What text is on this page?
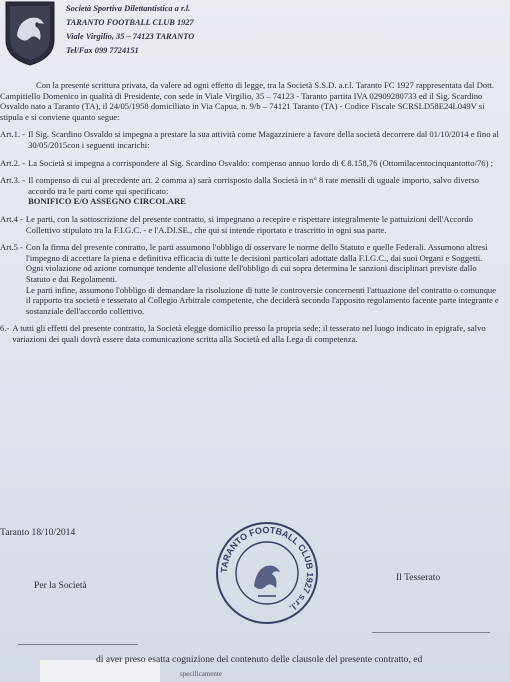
Società Sportiva Dilettantistica a r.l.
TARANTO FOOTBALL CLUB 1927
Viale Virgilio, 35 – 74123 TARANTO
Tel/Fax 099 7724151

Con la presente scrittura privata, da valere ad ogni effetto di legge, tra la Società S.S.D. a.r.l. Taranto FC 1927 rappresentata dal Dott. Campitiello Domenico in qualità di Presidente, con sede in Viale Virgilio, 35 – 74123 - Taranto partita IVA 02909280733 ed il Sig. Scardino Osvaldo nato a Taranto (TA), il 24/05/1958 domiciliato in Via Capua, n. 9/b – 74121 Taranto (TA) - Codice Fiscale SCRSLD58E24L049V si stipula e si conviene quanto segue:

Art.1. - Il Sig. Scardino Osvaldo si impegna a prestare la sua attività come Magazziniere a favore della società decorrere dal 01/10/2014 e fino al 30/05/2015con i seguenti incarichi:
Art.2. - La Società si impegna a corrispondere al Sig. Scardino Osvaldo: compenso annuo lordo di € 8.158,76 (Ottomilacentocinquantotto/76) ;
Art.3. - Il compenso di cui al precedente art. 2 comma a) sarà corrisposto dalla Società in n° 8 rate mensili di uguale importo, salvo diverso accordo tra le parti come qui specificato:
BONIFICO E/O ASSEGNO CIRCOLARE
Art.4 - Le parti, con la sottoscrizione del presente contratto, si impegnano a recepire e rispettare integralmente le pattuizioni dell'Accordo Collettivo stipulato tra la F.I.G.C. - e l'A.DI.SE., che qui si intende riportato e trascritto in ogni sua parte.
Art.5 - Con la firma del presente contratto, le parti assumono l'obbligo di osservare le norme dello Statuto e quelle Federali. Assumono altresì l'impegno di accettare la piena e definitiva efficacia di tutte le decisioni particolari adottate dalla F.I.G.C., dai suoi Organi e Soggetti. Ogni violazione od azione comunque tendente all'elusione dell'obbligo di cui sopra determina le sanzioni disciplinari previste dallo Statuto e dai Regolamenti.
Le parti infine, assumono l'obbligo di demandare la risoluzione di tutte le controversie concernenti l'attuazione del contratto o comunque il rapporto tra società e tesserato al Collegio Arbitrale competente, che deciderà secondo l'apposito regolamento facente parte integrante e sostanziale dell'accordo collettivo.
6.- A tutti gli effetti del presente contratto, la Società elegge domicilio presso la propria sede; il tesserato nel luogo indicato in epigrafe, salvo variazioni dei quali dovrà essere data comunicazione scritta alla Società ed alla Lega di competenza.
Taranto 18/10/2014
Per la Società
Il Tesserato
TARANTO FOOTBALL CLUB 1927 s.r.l.
di aver preso esatta cognizione del contenuto delle clausole del presente contratto, ed
specificamente
